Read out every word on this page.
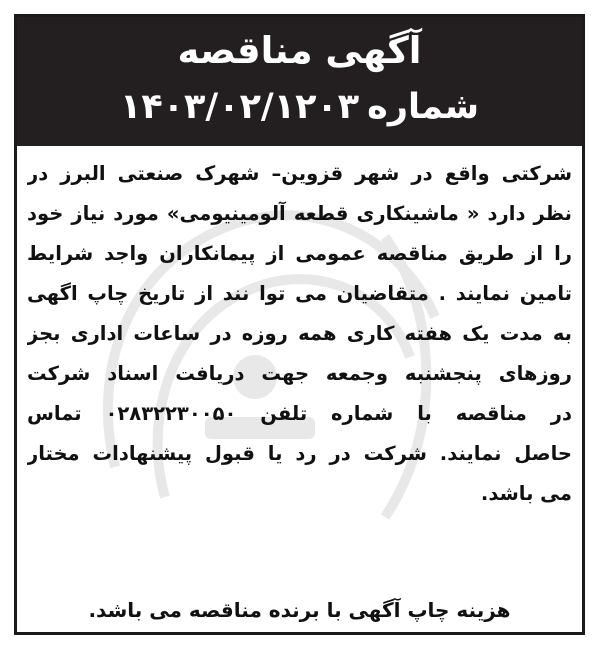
آگهی مناقصه
شماره۱۴۰۳/۰۲/۱۲۰۳
شرکتی واقع در شهر قزوین– شهرک صنعتی البرز در
نظر دارد « ماشینکاری قطعه آلومینیومی» مورد نیاز خود
را از طریق مناقصه عمومی از پیمانکاران واجد شرایط
تامین نمایند . متقاضیان می توا نند از تاریخ چاپ اگهی
به مدت یک هفته کاری همه روزه در ساعات اداری بجز
روزهای پنجشنبه وجمعه جهت دریافت اسناد شرکت
در مناقصه با شماره تلفن ۰۲۸۳۲۲۳۰۰۵۰ تماس
حاصل نمایند. شرکت در رد یا قبول پیشنهادات مختار
می باشد.
هزینه چاپ آگهی با برنده مناقصه می باشد.
